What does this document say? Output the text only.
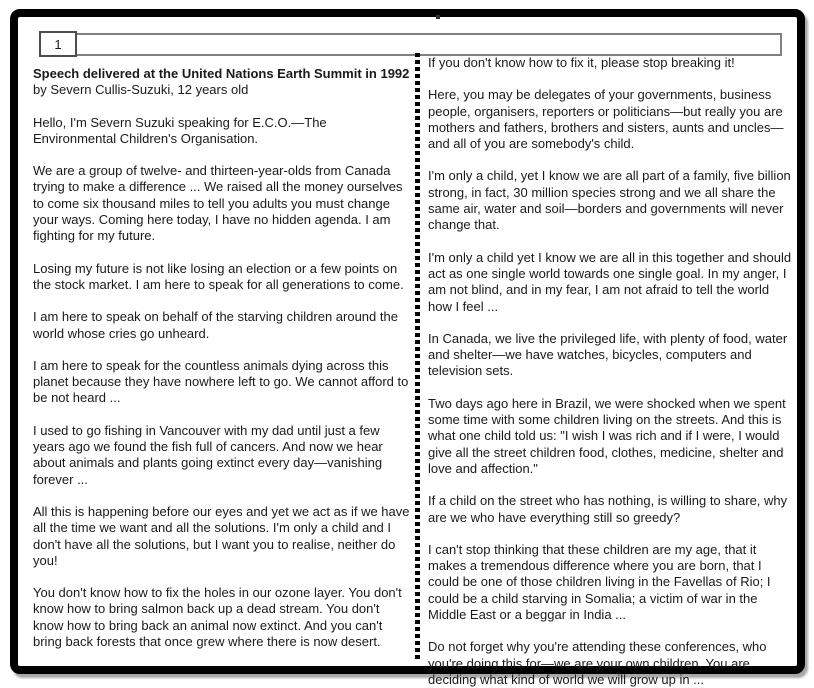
1
Speech delivered at the United Nations Earth Summit in 1992
by Severn Cullis-Suzuki, 12 years old

Hello, I'm Severn Suzuki speaking for E.C.O.—The Environmental Children's Organisation.

We are a group of twelve- and thirteen-year-olds from Canada trying to make a difference ... We raised all the money ourselves to come six thousand miles to tell you adults you must change your ways. Coming here today, I have no hidden agenda. I am fighting for my future.

Losing my future is not like losing an election or a few points on the stock market. I am here to speak for all generations to come.

I am here to speak on behalf of the starving children around the world whose cries go unheard.

I am here to speak for the countless animals dying across this planet because they have nowhere left to go. We cannot afford to be not heard ...

I used to go fishing in Vancouver with my dad until just a few years ago we found the fish full of cancers. And now we hear about animals and plants going extinct every day—vanishing forever ...

All this is happening before our eyes and yet we act as if we have all the time we want and all the solutions. I'm only a child and I don't have all the solutions, but I want you to realise, neither do you!

You don't know how to fix the holes in our ozone layer. You don't know how to bring salmon back up a dead stream. You don't know how to bring back an animal now extinct. And you can't bring back forests that once grew where there is now desert.

If you don't know how to fix it, please stop breaking it!

Here, you may be delegates of your governments, business people, organisers, reporters or politicians—but really you are mothers and fathers, brothers and sisters, aunts and uncles—and all of you are somebody's child.

I'm only a child, yet I know we are all part of a family, five billion strong, in fact, 30 million species strong and we all share the same air, water and soil—borders and governments will never change that.

I'm only a child yet I know we are all in this together and should act as one single world towards one single goal. In my anger, I am not blind, and in my fear, I am not afraid to tell the world how I feel ...

In Canada, we live the privileged life, with plenty of food, water and shelter—we have watches, bicycles, computers and television sets.

Two days ago here in Brazil, we were shocked when we spent some time with some children living on the streets. And this is what one child told us: "I wish I was rich and if I were, I would give all the street children food, clothes, medicine, shelter and love and affection."

If a child on the street who has nothing, is willing to share, why are we who have everything still so greedy?

I can't stop thinking that these children are my age, that it makes a tremendous difference where you are born, that I could be one of those children living in the Favellas of Rio; I could be a child starving in Somalia; a victim of war in the Middle East or a beggar in India ...

Do not forget why you're attending these conferences, who you're doing this for—we are your own children. You are deciding what kind of world we will grow up in ...
